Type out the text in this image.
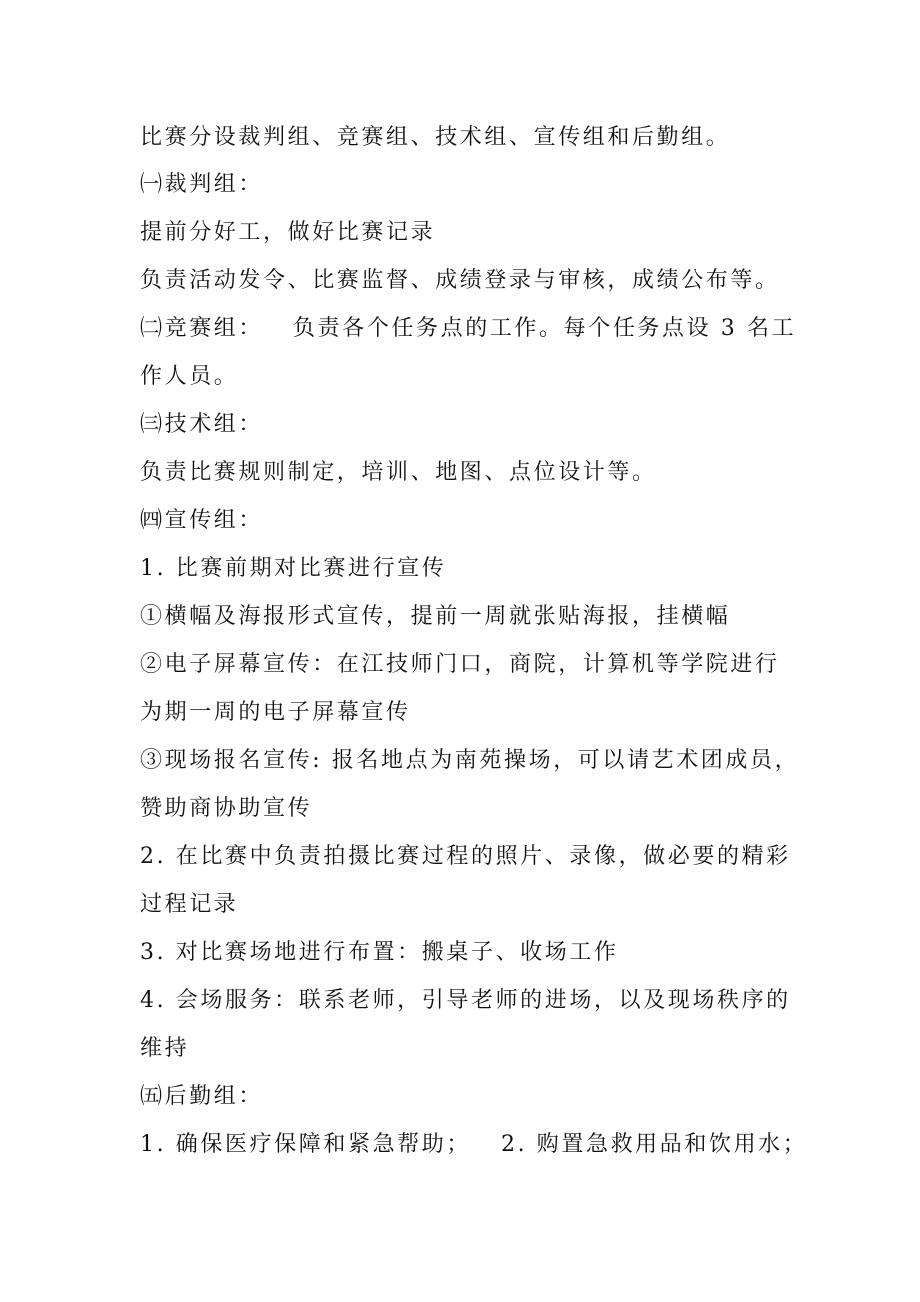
比赛分设裁判组、竞赛组、技术组、宣传组和后勤组。
㈠裁判组：
提前分好工，做好比赛记录
负责活动发令、比赛监督、成绩登录与审核，成绩公布等。
㈡竞赛组： 负责各个任务点的工作。每个任务点设 3 名工
作人员。
㈢技术组：
负责比赛规则制定，培训、地图、点位设计等。
㈣宣传组：
1. 比赛前期对比赛进行宣传
①横幅及海报形式宣传，提前一周就张贴海报，挂横幅
②电子屏幕宣传：在江技师门口，商院，计算机等学院进行
为期一周的电子屏幕宣传
③现场报名宣传: 报名地点为南苑操场，可以请艺术团成员，
赞助商协助宣传
2. 在比赛中负责拍摄比赛过程的照片、录像，做必要的精彩
过程记录
3. 对比赛场地进行布置：搬桌子、收场工作
4. 会场服务：联系老师，引导老师的进场，以及现场秩序的
维持
㈤后勤组：
1. 确保医疗保障和紧急帮助； 2. 购置急救用品和饮用水；
